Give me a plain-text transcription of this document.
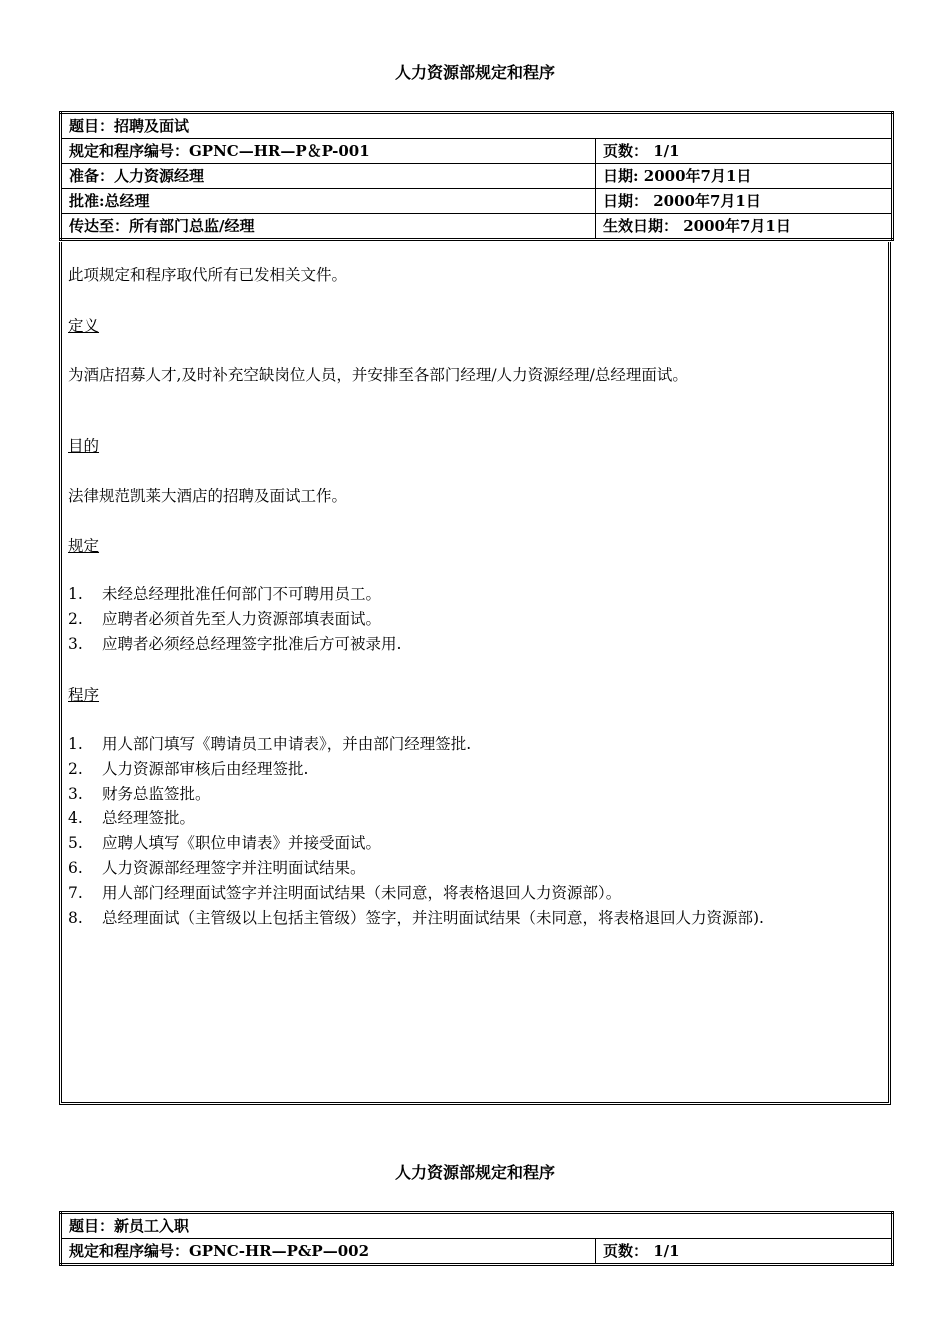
人力资源部规定和程序
题目：招聘及面试	
规定和程序编号：GPNC—HR—P＆P-001	页数： 1/1
准备：人力资源经理	日期: 2000年7月1日
批准:总经理	日期： 2000年7月1日
传达至：所有部门总监/经理	生效日期： 2000年7月1日
此项规定和程序取代所有已发相关文件。
定义
为酒店招募人才,及时补充空缺岗位人员，并安排至各部门经理/人力资源经理/总经理面试。
目的
法律规范凯莱大酒店的招聘及面试工作。
规定
1. 未经总经理批准任何部门不可聘用员工。
2. 应聘者必须首先至人力资源部填表面试。
3. 应聘者必须经总经理签字批准后方可被录用.
程序
1. 用人部门填写《聘请员工申请表》，并由部门经理签批.
2. 人力资源部审核后由经理签批.
3. 财务总监签批。
4. 总经理签批。
5. 应聘人填写《职位申请表》并接受面试。
6. 人力资源部经理签字并注明面试结果。
7. 用人部门经理面试签字并注明面试结果（未同意，将表格退回人力资源部）。
8. 总经理面试（主管级以上包括主管级）签字，并注明面试结果（未同意，将表格退回人力资源部).
人力资源部规定和程序
题目：新员工入职
规定和程序编号：GPNC-HR—P&P—002	页数： 1/1
